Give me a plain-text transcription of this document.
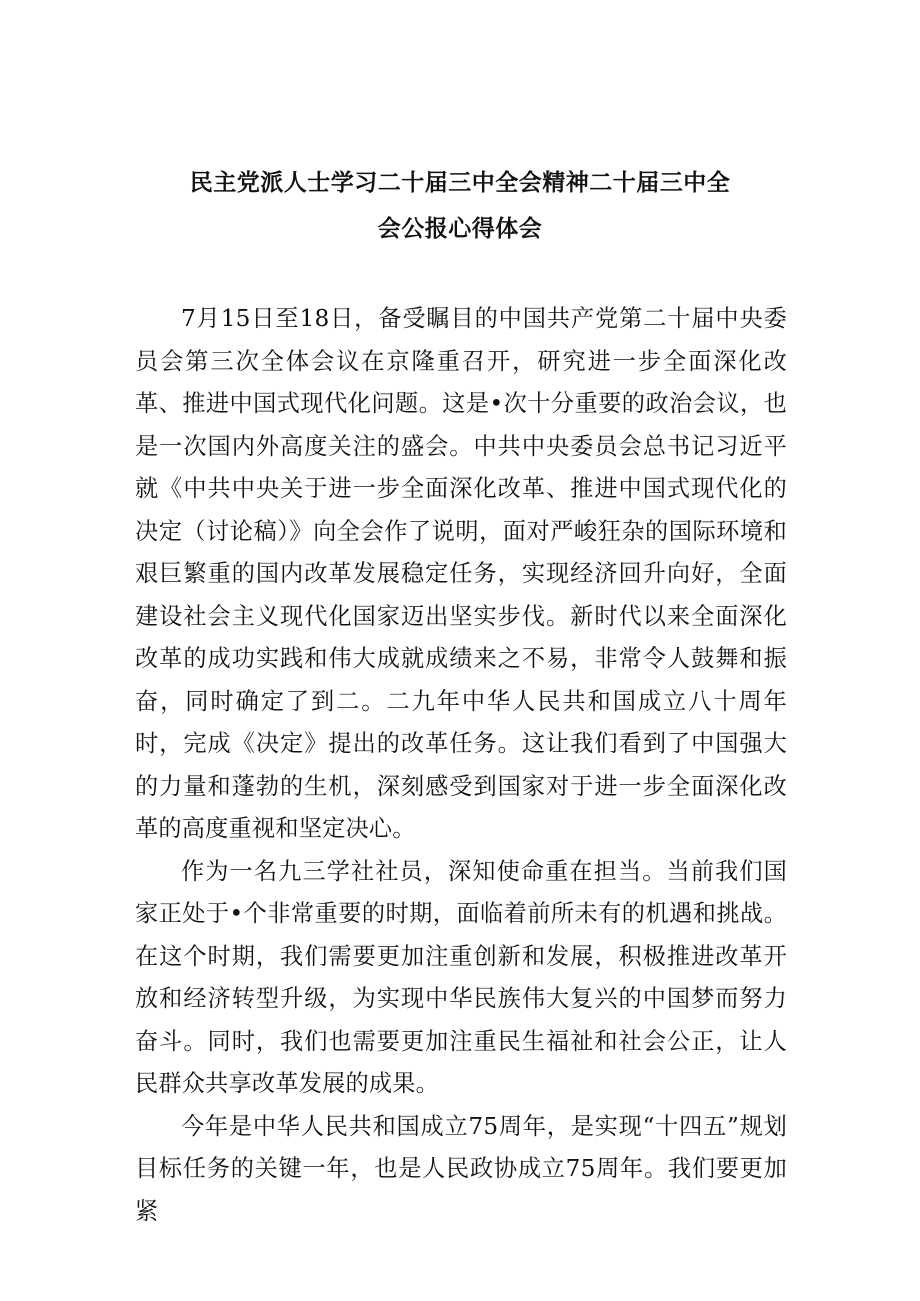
民主党派人士学习二十届三中全会精神二十届三中全
会公报心得体会

7月15日至18日，备受瞩目的中国共产党第二十届中央委员会第三次全体会议在京隆重召开，研究进一步全面深化改革、推进中国式现代化问题。这是•次十分重要的政治会议，也是一次国内外高度关注的盛会。中共中央委员会总书记习近平就《中共中央关于进一步全面深化改革、推进中国式现代化的决定（讨论稿）》向全会作了说明，面对严峻狂杂的国际环境和艰巨繁重的国内改革发展稳定任务，实现经济回升向好，全面建设社会主义现代化国家迈出坚实步伐。新时代以来全面深化改革的成功实践和伟大成就成绩来之不易，非常令人鼓舞和振奋，同时确定了到二。二九年中华人民共和国成立八十周年时，完成《决定》提出的改革任务。这让我们看到了中国强大的力量和蓬勃的生机，深刻感受到国家对于进一步全面深化改革的高度重视和坚定决心。

作为一名九三学社社员，深知使命重在担当。当前我们国家正处于•个非常重要的时期，面临着前所未有的机遇和挑战。在这个时期，我们需要更加注重创新和发展，积极推进改革开放和经济转型升级，为实现中华民族伟大复兴的中国梦而努力奋斗。同时，我们也需要更加注重民生福祉和社会公正，让人民群众共享改革发展的成果。

今年是中华人民共和国成立75周年，是实现“十四五”规划目标任务的关键一年，也是人民政协成立75周年。我们要更加紧
